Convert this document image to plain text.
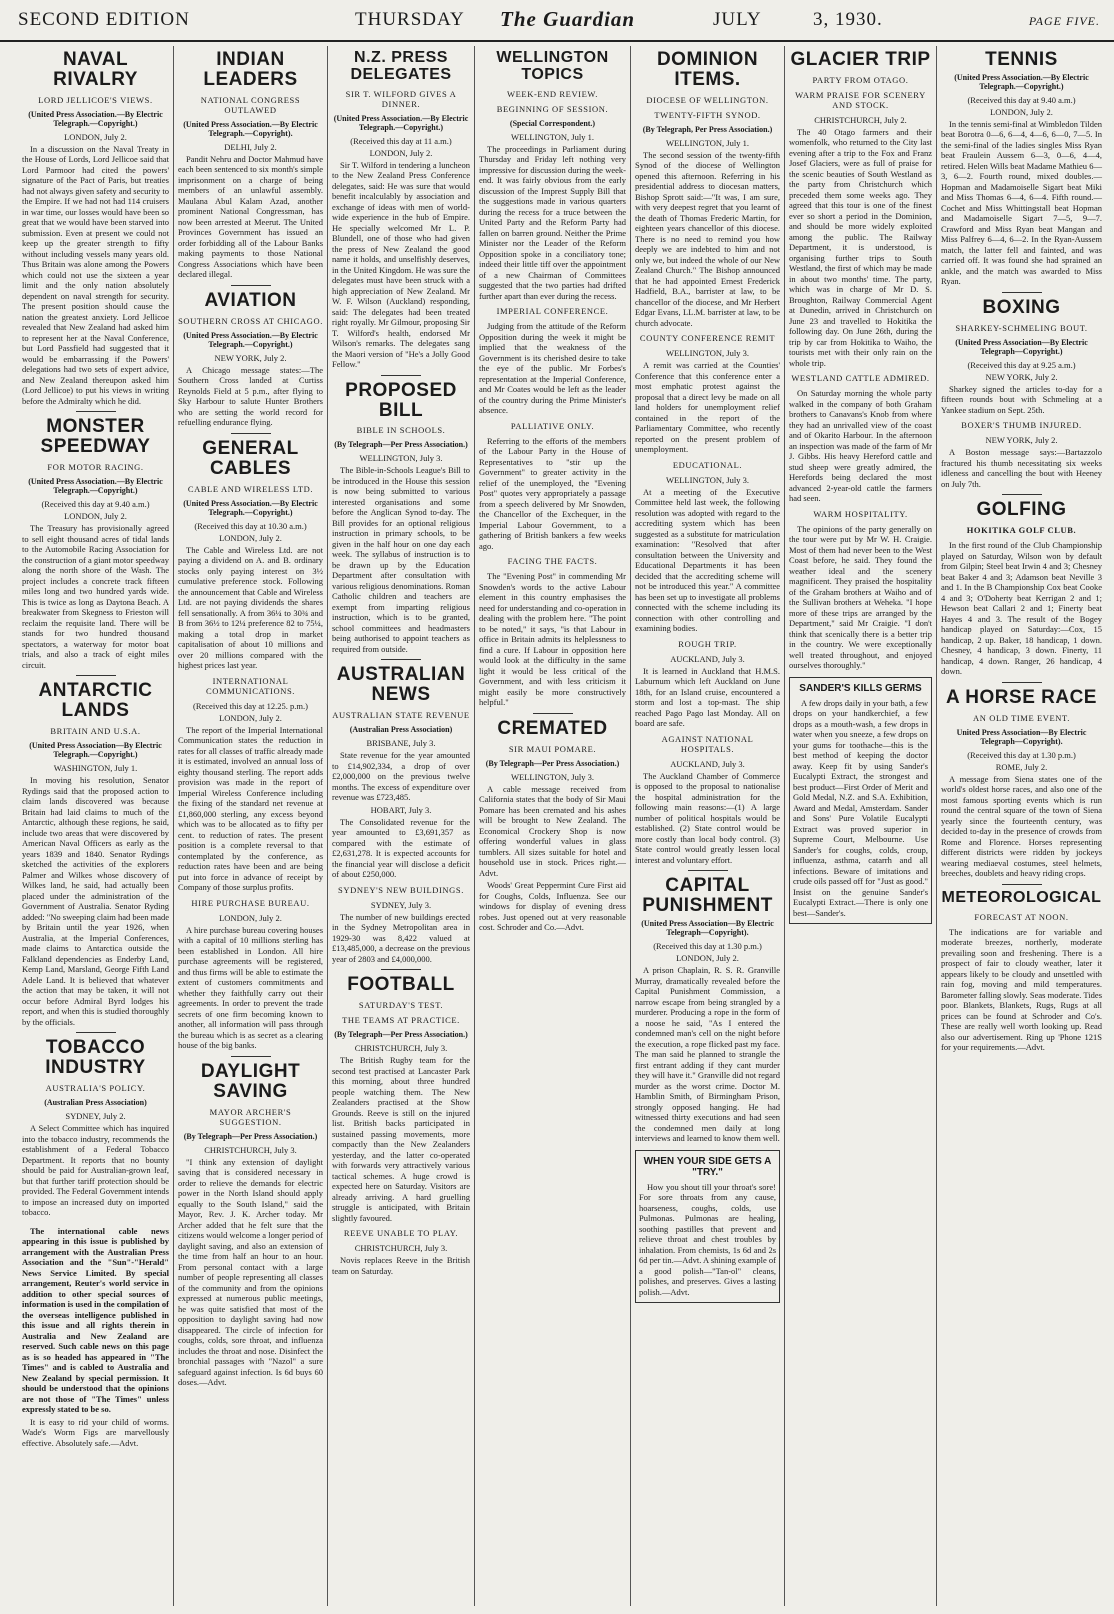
SECOND EDITION	THURSDAY The Guardian	JULY	3, 1930.	PAGE FIVE.
NAVAL RIVALRY
LORD JELLICOE'S VIEWS.
(United Press Association.—By Electric Telegraph.—Copyright.)
LONDON, July 2.

In a discussion on the Naval Treaty in the House of Lords, Lord Jellicoe said that Lord Parmoor had cited the powers' signature of the Pact of Paris, but treaties had not always given safety and security to the Empire. If we had not had 114 cruisers in war time, our losses would have been so great that we would have been starved into submission. Even at present we could not keep up the greater strength to fifty without including vessels many years old. Thus Britain was alone among the Powers which could not use the sixteen a year limit and the only nation absolutely dependent on naval strength for security. The present position should cause the nation the greatest anxiety. Lord Jellicoe revealed that New Zealand had asked him to represent her at the Naval Conference, but Lord Passfield had suggested that it would be embarrassing if the Powers' delegations had two sets of expert advice, and New Zealand thereupon asked him (Lord Jellicoe) to put his views in writing before the Admiralty which he did.

MONSTER SPEEDWAY
FOR MOTOR RACING.
(United Press Association.—By Electric Telegraph.—Copyright.)
(Received this day at 9.40 a.m.)
LONDON, July 2.

The Treasury has provisionally agreed to sell eight thousand acres of tidal lands to the Automobile Racing Association for the construction of a giant motor speedway along the north shore of the Wash. The project includes a concrete track fifteen miles long and two hundred yards wide. This is twice as long as Daytona Beach. A breakwater from Skegness to Frieston will reclaim the requisite land. There will be stands for two hundred thousand spectators, a waterway for motor boat trials, and also a track of eight miles circuit.

ANTARCTIC LANDS
BRITAIN AND U.S.A.
(United Press Association—By Electric Telegraph.—Copyright.)
WASHINGTON, July 1.

In moving his resolution, Senator Rydings said that the proposed action to claim lands discovered was because Britain had laid claims to much of the Antarctic, although these regions, he said, include two areas that were discovered by American Naval Officers as early as the years 1839 and 1840. Senator Rydings sketched the activities of the explorers Palmer and Wilkes whose discovery of Wilkes land, he said, had actually been placed under the administration of the Government of Australia. Senator Ryding added: "No sweeping claim had been made by Britain until the year 1926, when Australia, at the Imperial Conferences, made claims to Antarctica outside the Falkland dependencies as Enderby Land, Kemp Land, Marsland, George Fifth Land Adele Land. It is believed that whatever the action that may be taken, it will not occur before Admiral Byrd lodges his report, and when this is studied thoroughly by the officials.

TOBACCO INDUSTRY
AUSTRALIA'S POLICY.
(Australian Press Association)
SYDNEY, July 2.

A Select Committee which has inquired into the tobacco industry, recommends the establishment of a Federal Tobacco Department. It reports that no bounty should be paid for Australian-grown leaf, but that further tariff protection should be provided. The Federal Government intends to impose an increased duty on imported tobacco.

The international cable news appearing in this issue is published by arrangement with the Australian Press Association and the "Sun"-"Herald" News Service Limited. By special arrangement, Reuter's world service in addition to other special sources of information is used in the compilation of the overseas intelligence published in this issue and all rights therein in Australia and New Zealand are reserved. Such cable news on this page as is so headed has appeared in "The Times" and is cabled to Australia and New Zealand by special permission. It should be understood that the opinions are not those of "The Times" unless expressly stated to be so.

It is easy to rid your child of worms. Wade's Worm Figs are marvellously effective. Absolutely safe.—Advt.

INDIAN LEADERS
NATIONAL CONGRESS OUTLAWED
(United Press Association.—By Electric Telegraph.—Copyright).
DELHI, July 2.

Pandit Nehru and Doctor Mahmud have each been sentenced to six month's simple imprisonment on a charge of being members of an unlawful assembly. Maulana Abul Kalam Azad, another prominent National Congressman, has now been arrested at Meerut. The United Provinces Government has issued an order forbidding all of the Labour Banks making payments to those National Congress Associations which have been declared illegal.

AVIATION
SOUTHERN CROSS AT CHICAGO.
(United Press Association.—By Electric Telegraph.—Copyright.)
NEW YORK, July 2.

A Chicago message states:—The Southern Cross landed at Curtiss Reynolds Field at 5 p.m., after flying to Sky Harbour to salute Hunter Brothers who are setting the world record for refuelling endurance flying.

GENERAL CABLES
CABLE AND WIRELESS LTD.
(United Press Association.—By Electric Telegraph.—Copyright.)
(Received this day at 10.30 a.m.)
LONDON, July 2.

The Cable and Wireless Ltd. are not paying a dividend on A. and B. ordinary stocks only paying interest on 3½ cumulative preference stock. Following the announcement that Cable and Wireless Ltd. are not paying dividends the shares fell sensationally. A from 36¼ to 30¾ and B from 36½ to 12¼ preference 82 to 75¼, making a total drop in market capitalisation of about 10 millions and over 20 millions compared with the highest prices last year.

INTERNATIONAL COMMUNICATIONS.
(Received this day at 12.25. p.m.)
LONDON, July 2.

The report of the Imperial International Communication states the reduction in rates for all classes of traffic already made it is estimated, involved an annual loss of eighty thousand sterling. The report adds provision was made in the report of Imperial Wireless Conference including the fixing of the standard net revenue at £1,860,000 sterling, any excess beyond which was to be allocated as to fifty per cent. to reduction of rates. The present position is a complete reversal to that contemplated by the conference, as reduction rates have been and are being put into force in advance of receipt by Company of those surplus profits.

HIRE PURCHASE BUREAU.
LONDON, July 2.

A hire purchase bureau covering houses with a capital of 10 millions sterling has been established in London. All hire purchase agreements will be registered, and thus firms will be able to estimate the extent of customers commitments and whether they faithfully carry out their agreements. In order to prevent the trade secrets of one firm becoming known to another, all information will pass through the bureau which is as secret as a clearing house of the big banks.

DAYLIGHT SAVING
MAYOR ARCHER'S SUGGESTION.
(By Telegraph—Per Press Association.)
CHRISTCHURCH, July 3.

"I think any extension of daylight saving that is considered necessary in order to relieve the demands for electric power in the North Island should apply equally to the South Island," said the Mayor, Rev. J. K. Archer today. Mr Archer added that he felt sure that the citizens would welcome a longer period of daylight saving, and also an extension of the time from half an hour to an hour. From personal contact with a large number of people representing all classes of the community and from the opinions expressed at numerous public meetings, he was quite satisfied that most of the opposition to daylight saving had now disappeared. The circle of infection for coughs, colds, sore throat, and influenza includes the throat and nose. Disinfect the bronchial passages with "Nazol" a sure safeguard against infection. Is 6d buys 60 doses.—Advt.

N.Z. PRESS DELEGATES
SIR T. WILFORD GIVES A DINNER.
(United Press Association.—By Electric Telegraph.—Copyright.)
(Received this day at 11 a.m.)
LONDON, July 2.

Sir T. Wilford in tendering a luncheon to the New Zealand Press Conference delegates, said: He was sure that would benefit incalculably by association and exchange of ideas with men of world-wide experience in the hub of Empire. He specially welcomed Mr L. P. Blundell, one of those who had given the press of New Zealand the good name it holds, and unselfishly deserves, in the United Kingdom. He was sure the delegates must have been struck with a high appreciation of New Zealand. Mr W. F. Wilson (Auckland) responding, said: The delegates had been treated right royally. Mr Gilmour, proposing Sir T. Wilford's health, endorsed Mr Wilson's remarks. The delegates sang the Maori version of "He's a Jolly Good Fellow."

PROPOSED BILL
BIBLE IN SCHOOLS.
(By Telegraph—Per Press Association.)
WELLINGTON, July 3.

The Bible-in-Schools League's Bill to be introduced in the House this session is now being submitted to various interested organisations and some before the Anglican Synod to-day. The Bill provides for an optional religious instruction in primary schools, to be given in the half hour on one day each week. The syllabus of instruction is to be drawn up by the Education Department after consultation with various religious denominations. Roman Catholic children and teachers are exempt from imparting religious instruction, which is to be granted, school committees and headmasters being authorised to appoint teachers as required from outside.

AUSTRALIAN NEWS
AUSTRALIAN STATE REVENUE
(Australian Press Association)
BRISBANE, July 3.

State revenue for the year amounted to £14,902,334, a drop of over £2,000,000 on the previous twelve months. The excess of expenditure over revenue was £723,485.

HOBART, July 3.

The Consolidated revenue for the year amounted to £3,691,357 as compared with the estimate of £2,631,278. It is expected accounts for the financial year will disclose a deficit of about £250,000.

SYDNEY'S NEW BUILDINGS.
SYDNEY, July 3.

The number of new buildings erected in the Sydney Metropolitan area in 1929-30 was 8,422 valued at £13,485,000, a decrease on the previous year of 2803 and £4,000,000.

FOOTBALL
SATURDAY'S TEST.
THE TEAMS AT PRACTICE.
(By Telegraph—Per Press Association.)
CHRISTCHURCH, July 3.

The British Rugby team for the second test practised at Lancaster Park this morning, about three hundred people watching them. The New Zealanders practised at the Show Grounds. Reeve is still on the injured list. British backs participated in sustained passing movements, more compactly than the New Zealanders yesterday, and the latter co-operated with forwards very attractively various tactical schemes. A huge crowd is expected here on Saturday. Visitors are already arriving. A hard gruelling struggle is anticipated, with Britain slightly favoured.

REEVE UNABLE TO PLAY.
CHRISTCHURCH, July 3.

Novis replaces Reeve in the British team on Saturday.

WELLINGTON TOPICS
WEEK-END REVIEW.
BEGINNING OF SESSION.
(Special Correspondent.)
WELLINGTON, July 1.

The proceedings in Parliament during Thursday and Friday left nothing very impressive for discussion during the week-end. It was fairly obvious from the early discussion of the Imprest Supply Bill that the suggestions made in various quarters during the recess for a truce between the United Party and the Reform Party had fallen on barren ground. Neither the Prime Minister nor the Leader of the Reform Opposition spoke in a conciliatory tone; indeed their little tiff over the appointment of a new Chairman of Committees suggested that the two parties had drifted further apart than ever during the recess.

IMPERIAL CONFERENCE.

Judging from the attitude of the Reform Opposition during the week it might be implied that the weakness of the Government is its cherished desire to take the eye of the public. Mr Forbes's representation at the Imperial Conference, and Mr Coates would be left as the leader of the country during the Prime Minister's absence.

PALLIATIVE ONLY.

Referring to the efforts of the members of the Labour Party in the House of Representatives to "stir up the Government" to greater activity in the relief of the unemployed, the "Evening Post" quotes very appropriately a passage from a speech delivered by Mr Snowden, the Chancellor of the Exchequer, in the Imperial Labour Government, to a gathering of British bankers a few weeks ago.

FACING THE FACTS.

The "Evening Post" in commending Mr Snowden's words to the active Labour element in this country emphasises the need for understanding and co-operation in dealing with the problem here. "The point to be noted," it says, "is that Labour in office in Britain admits its helplessness to find a cure. If Labour in opposition here would look at the difficulty in the same light it would be less critical of the Government, and with less criticism it might easily be more constructively helpful."

CREMATED
SIR MAUI POMARE.
(By Telegraph—Per Press Association.)
WELLINGTON, July 3.

A cable message received from California states that the body of Sir Maui Pomare has been cremated and his ashes will be brought to New Zealand. The Economical Crockery Shop is now offering wonderful values in glass tumblers. All sizes suitable for hotel and household use in stock. Prices right.—Advt.

Woods' Great Peppermint Cure First aid for Coughs, Colds, Influenza. See our windows for display of evening dress robes. Just opened out at very reasonable cost. Schroder and Co.—Advt.

DOMINION ITEMS.
DIOCESE OF WELLINGTON.
TWENTY-FIFTH SYNOD.
(By Telegraph, Per Press Association.)
WELLINGTON, July 1.

The second session of the twenty-fifth Synod of the diocese of Wellington opened this afternoon. Referring in his presidential address to diocesan matters, Bishop Sprott said:—"It was, I am sure, with very deepest regret that you learnt of the death of Thomas Frederic Martin, for eighteen years chancellor of this diocese. There is no need to remind you how deeply we are indebted to him and not only we, but indeed the whole of our New Zealand Church." The Bishop announced that he had appointed Ernest Frederick Hadfield, B.A., barrister at law, to be chancellor of the diocese, and Mr Herbert Edgar Evans, LL.M. barrister at law, to be church advocate.

COUNTY CONFERENCE REMIT
WELLINGTON, July 3.

A remit was carried at the Counties' Conference that this conference enter a most emphatic protest against the proposal that a direct levy be made on all land holders for unemployment relief contained in the report of the Parliamentary Committee, who recently reported on the present problem of unemployment.

EDUCATIONAL.
WELLINGTON, July 3.

At a meeting of the Executive Committee held last week, the following resolution was adopted with regard to the accrediting system which has been suggested as a substitute for matriculation examination: "Resolved that after consultation between the University and Educational Departments it has been decided that the accrediting scheme will not be introduced this year." A committee has been set up to investigate all problems connected with the scheme including its connection with other controlling and examining bodies.

ROUGH TRIP.
AUCKLAND, July 3.

It is learned in Auckland that H.M.S. Laburnum which left Auckland on June 18th, for an Island cruise, encountered a storm and lost a top-mast. The ship reached Pago Pago last Monday. All on board are safe.

AGAINST NATIONAL HOSPITALS.
AUCKLAND, July 3.

The Auckland Chamber of Commerce is opposed to the proposal to nationalise the hospital administration for the following main reasons:—(1) A large number of political hospitals would be established. (2) State control would be more costly than local body control. (3) State control would greatly lessen local interest and voluntary effort.

CAPITAL PUNISHMENT
(United Press Association—By Electric Telegraph—Copyright).
(Received this day at 1.30 p.m.)
LONDON, July 2.

A prison Chaplain, R. S. R. Granville Murray, dramatically revealed before the Capital Punishment Commission, a narrow escape from being strangled by a murderer. Producing a rope in the form of a noose he said, "As I entered the condemned man's cell on the night before the execution, a rope flicked past my face. The man said he planned to strangle the first entrant adding if they cant murder they will have it." Granville did not regard murder as the worst crime. Doctor M. Hamblin Smith, of Birmingham Prison, strongly opposed hanging. He had witnessed thirty executions and had seen the condemned men daily at long interviews and learned to know them well.

WHEN YOUR SIDE GETS A "TRY."

How you shout till your throat's sore! For sore throats from any cause, hoarseness, coughs, colds, use Pulmonas. Pulmonas are healing, soothing pastilles that prevent and relieve throat and chest troubles by inhalation. From chemists, 1s 6d and 2s 6d per tin.—Advt. A shining example of a good polish—"Tan-ol" cleans, polishes, and preserves. Gives a lasting polish.—Advt.

GLACIER TRIP
PARTY FROM OTAGO.
WARM PRAISE FOR SCENERY AND STOCK.
CHRISTCHURCH, July 2.

The 40 Otago farmers and their womenfolk, who returned to the City last evening after a trip to the Fox and Franz Josef Glaciers, were as full of praise for the scenic beauties of South Westland as the party from Christchurch which preceded them some weeks ago. They agreed that this tour is one of the finest ever so short a period in the Dominion, and should be more widely exploited among the public. The Railway Department, it is understood, is organising further trips to South Westland, the first of which may be made in about two months' time. The party, which was in charge of Mr D. S. Broughton, Railway Commercial Agent at Dunedin, arrived in Christchurch on June 23 and travelled to Hokitika the following day. On June 26th, during the trip by car from Hokitika to Waiho, the tourists met with their only rain on the whole trip.

WESTLAND CATTLE ADMIRED.

On Saturday morning the whole party walked in the company of both Graham brothers to Canavans's Knob from where they had an unrivalled view of the coast and of Okarito Harbour. In the afternoon an inspection was made of the farm of Mr J. Gibbs. His heavy Hereford cattle and stud sheep were greatly admired, the Herefords being declared the most advanced 2-year-old cattle the farmers had seen.

WARM HOSPITALITY.

The opinions of the party generally on the tour were put by Mr W. H. Craigie. Most of them had never been to the West Coast before, he said. They found the weather ideal and the scenery magnificent. They praised the hospitality of the Graham brothers at Waiho and of the Sullivan brothers at Weheka. "I hope more of these trips are arranged by the Department," said Mr Craigie. "I don't think that scenically there is a better trip in the country. We were exceptionally well treated throughout, and enjoyed ourselves thoroughly."

SANDER'S KILLS GERMS

A few drops daily in your bath, a few drops on your handkerchief, a few drops as a mouth-wash, a few drops in water when you sneeze, a few drops on your gums for toothache—this is the best method of keeping the doctor away. Keep fit by using Sander's Eucalypti Extract, the strongest and best product—First Order of Merit and Gold Medal, N.Z. and S.A. Exhibition, Award and Medal, Amsterdam. Sander and Sons' Pure Volatile Eucalypti Extract was proved superior in Supreme Court, Melbourne. Use Sander's for coughs, colds, croup, influenza, asthma, catarrh and all infections. Beware of imitations and crude oils passed off for "Just as good." Insist on the genuine Sander's Eucalypti Extract.—There is only one best—Sander's.

TENNIS
(United Press Association.—By Electric Telegraph.—Copyright.)
(Received this day at 9.40 a.m.)
LONDON, July 2.

In the tennis semi-final at Wimbledon Tilden beat Borotra 0—6, 6—4, 4—6, 6—0, 7—5. In the semi-final of the ladies singles Miss Ryan beat Fraulein Aussem 6—3, 0—6, 4—4, retired. Helen Wills beat Madame Mathieu 6—3, 6—2. Fourth round, mixed doubles.—Hopman and Madamoiselle Sigart beat Miki and Miss Thomas 6—4, 6—4. Fifth round.—Cochet and Miss Whittingstall beat Hopman and Madamoiselle Sigart 7—5, 9—7. Crawford and Miss Ryan beat Mangan and Miss Palfrey 6—4, 6—2. In the Ryan-Aussem match, the latter fell and fainted, and was carried off. It was found she had sprained an ankle, and the match was awarded to Miss Ryan.

BOXING
SHARKEY-SCHMELING BOUT.
(United Press Association—By Electric Telegraph—Copyright.)
(Received this day at 9.25 a.m.)
NEW YORK, July 2.

Sharkey signed the articles to-day for a fifteen rounds bout with Schmeling at a Yankee stadium on Sept. 25th.

BOXER'S THUMB INJURED.
NEW YORK, July 2.

A Boston message says:—Bartazzolo fractured his thumb necessitating six weeks idleness and cancelling the bout with Heeney on July 7th.

GOLFING
HOKITIKA GOLF CLUB.

In the first round of the Club Championship played on Saturday, Wilson won by default from Gilpin; Steel beat Irwin 4 and 3; Chesney beat Baker 4 and 3; Adamson beat Neville 3 and 1. In the B Championship Cox beat Cooke 4 and 3; O'Doherty beat Kerrigan 2 and 1; Hewson beat Callari 2 and 1; Finerty beat Hayes 4 and 3. The result of the Bogey handicap played on Saturday:—Cox, 15 handicap, 2 up. Baker, 18 handicap, 1 down. Chesney, 4 handicap, 3 down. Finerty, 11 handicap, 4 down. Ranger, 26 handicap, 4 down.

A HORSE RACE
AN OLD TIME EVENT.
United Press Association—By Electric Telegraph—Copyright).
(Received this day at 1.30 p.m.)
ROME, July 2.

A message from Siena states one of the world's oldest horse races, and also one of the most famous sporting events which is run round the central square of the town of Siena yearly since the fourteenth century, was decided to-day in the presence of crowds from Rome and Florence. Horses representing different districts were ridden by jockeys wearing mediaeval costumes, steel helmets, breeches, doublets and heavy riding crops.

METEOROLOGICAL
FORECAST AT NOON.

The indications are for variable and moderate breezes, northerly, moderate prevailing soon and freshening. There is a prospect of fair to cloudy weather, later it appears likely to be cloudy and unsettled with rain fog, moving and mild temperatures. Barometer falling slowly. Seas moderate. Tides poor. Blankets, Blankets, Rugs, Rugs at all prices can be found at Schroder and Co's. These are really well worth looking up. Read also our advertisement. Ring up 'Phone 121S for your requirements.—Advt.
